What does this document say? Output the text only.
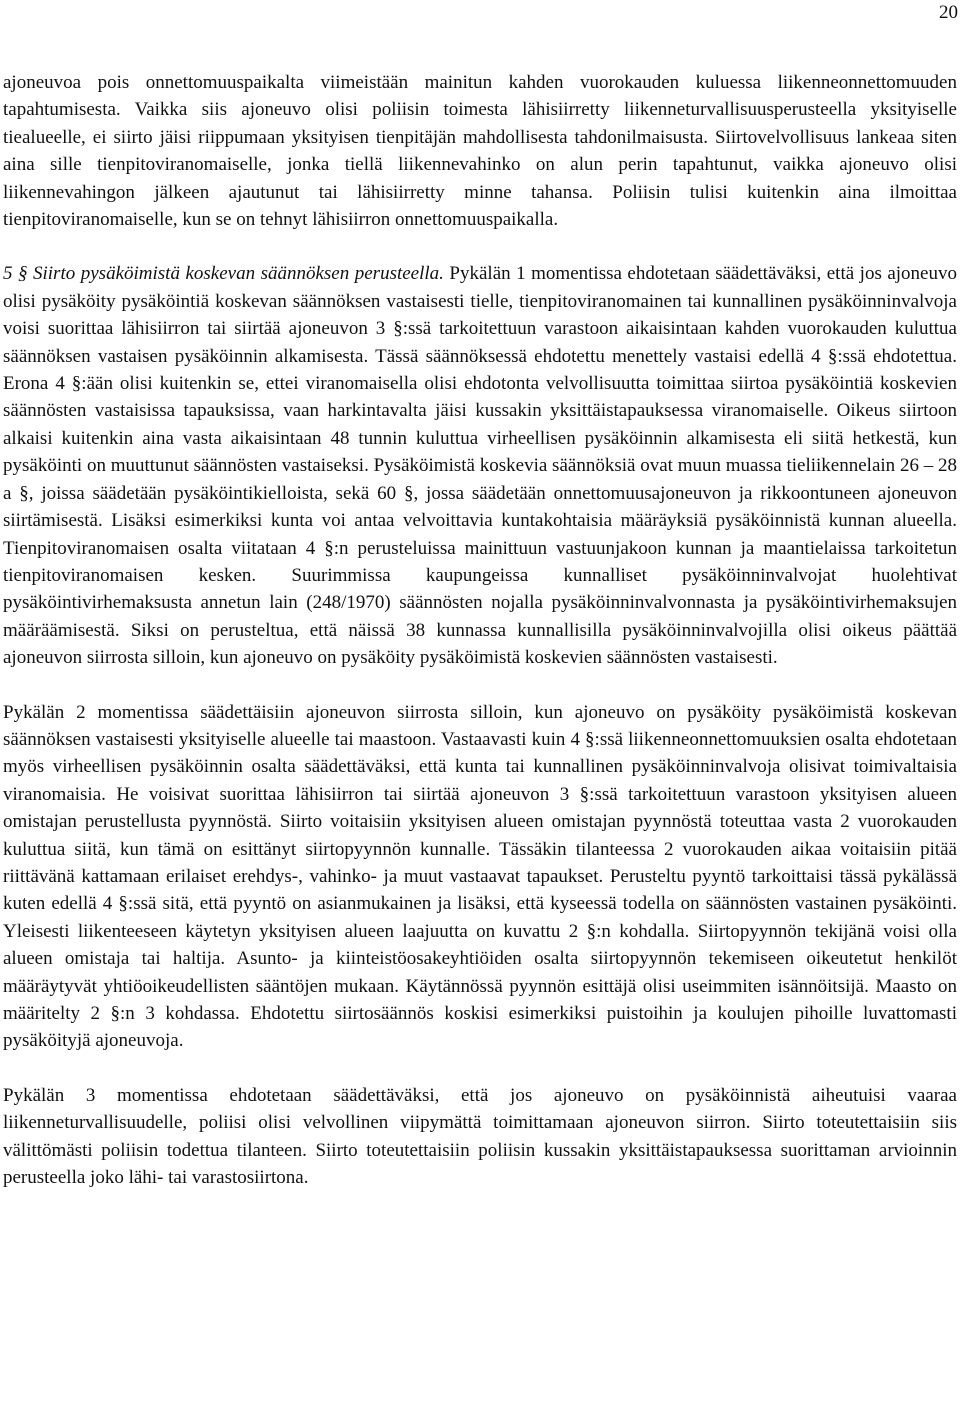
20

ajoneuvoa pois onnettomuuspaikalta viimeistään mainitun kahden vuorokauden kuluessa liikenneonnettomuuden tapahtumisesta. Vaikka siis ajoneuvo olisi poliisin toimesta lähisiirretty liikenneturvallisuusperusteella yksityiselle tiealueelle, ei siirto jäisi riippumaan yksityisen tienpitäjän mahdollisesta tahdonilmaisusta. Siirtovelvollisuus lankeaa siten aina sille tienpitoviranomaiselle, jonka tiellä liikennevahinko on alun perin tapahtunut, vaikka ajoneuvo olisi liikennevahingon jälkeen ajautunut tai lähisiirretty minne tahansa. Poliisin tulisi kuitenkin aina ilmoittaa tienpitoviranomaiselle, kun se on tehnyt lähisiirron onnettomuuspaikalla.

5 § Siirto pysäköimistä koskevan säännöksen perusteella. Pykälän 1 momentissa ehdotetaan säädettäväksi, että jos ajoneuvo olisi pysäköity pysäköintiä koskevan säännöksen vastaisesti tielle, tienpitoviranomainen tai kunnallinen pysäköinninvalvoja voisi suorittaa lähisiirron tai siirtää ajoneuvon 3 §:ssä tarkoitettuun varastoon aikaisintaan kahden vuorokauden kuluttua säännöksen vastaisen pysäköinnin alkamisesta. Tässä säännöksessä ehdotettu menettely vastaisi edellä 4 §:ssä ehdotettua. Erona 4 §:ään olisi kuitenkin se, ettei viranomaisella olisi ehdotonta velvollisuutta toimittaa siirtoa pysäköintiä koskevien säännösten vastaisissa tapauksissa, vaan harkintavalta jäisi kussakin yksittäistapauksessa viranomaiselle. Oikeus siirtoon alkaisi kuitenkin aina vasta aikaisintaan 48 tunnin kuluttua virheellisen pysäköinnin alkamisesta eli siitä hetkestä, kun pysäköinti on muuttunut säännösten vastaiseksi. Pysäköimistä koskevia säännöksiä ovat muun muassa tieliikennelain 26 – 28 a §, joissa säädetään pysäköintikielloista, sekä 60 §, jossa säädetään onnettomuusajoneuvon ja rikkoontuneen ajoneuvon siirtämisestä. Lisäksi esimerkiksi kunta voi antaa velvoittavia kuntakohtaisia määräyksiä pysäköinnistä kunnan alueella. Tienpitoviranomaisen osalta viitataan 4 §:n perusteluissa mainittuun vastuunjakoon kunnan ja maantielaissa tarkoitetun tienpitoviranomaisen kesken. Suurimmissa kaupungeissa kunnalliset pysäköinninvalvojat huolehtivat pysäköintivirhemaksusta annetun lain (248/1970) säännösten nojalla pysäköinninvalvonnasta ja pysäköintivirhemaksujen määräämisestä. Siksi on perusteltua, että näissä 38 kunnassa kunnallisilla pysäköinninvalvojilla olisi oikeus päättää ajoneuvon siirrosta silloin, kun ajoneuvo on pysäköity pysäköimistä koskevien säännösten vastaisesti.

Pykälän 2 momentissa säädettäisiin ajoneuvon siirrosta silloin, kun ajoneuvo on pysäköity pysäköimistä koskevan säännöksen vastaisesti yksityiselle alueelle tai maastoon. Vastaavasti kuin 4 §:ssä liikenneonnettomuuksien osalta ehdotetaan myös virheellisen pysäköinnin osalta säädettäväksi, että kunta tai kunnallinen pysäköinninvalvoja olisivat toimivaltaisia viranomaisia. He voisivat suorittaa lähisiirron tai siirtää ajoneuvon 3 §:ssä tarkoitettuun varastoon yksityisen alueen omistajan perustellusta pyynnöstä. Siirto voitaisiin yksityisen alueen omistajan pyynnöstä toteuttaa vasta 2 vuorokauden kuluttua siitä, kun tämä on esittänyt siirtopyynnön kunnalle. Tässäkin tilanteessa 2 vuorokauden aikaa voitaisiin pitää riittävänä kattamaan erilaiset erehdys-, vahinko- ja muut vastaavat tapaukset. Perusteltu pyyntö tarkoittaisi tässä pykälässä kuten edellä 4 §:ssä sitä, että pyyntö on asianmukainen ja lisäksi, että kyseessä todella on säännösten vastainen pysäköinti. Yleisesti liikenteeseen käytetyn yksityisen alueen laajuutta on kuvattu 2 §:n kohdalla. Siirtopyynnön tekijänä voisi olla alueen omistaja tai haltija. Asunto- ja kiinteistöosakeyhtiöiden osalta siirtopyynnön tekemiseen oikeutetut henkilöt määräytyvät yhtiöoikeudellisten sääntöjen mukaan. Käytännössä pyynnön esittäjä olisi useimmiten isännöitsijä. Maasto on määritelty 2 §:n 3 kohdassa. Ehdotettu siirtosäännös koskisi esimerkiksi puistoihin ja koulujen pihoille luvattomasti pysäköityjä ajoneuvoja.

Pykälän 3 momentissa ehdotetaan säädettäväksi, että jos ajoneuvo on pysäköinnistä aiheutuisi vaaraa liikenneturvallisuudelle, poliisi olisi velvollinen viipymättä toimittamaan ajoneuvon siirron. Siirto toteutettaisiin siis välittömästi poliisin todettua tilanteen. Siirto toteutettaisiin poliisin kussakin yksittäistapauksessa suorittaman arvioinnin perusteella joko lähi- tai varastosiirtona.
